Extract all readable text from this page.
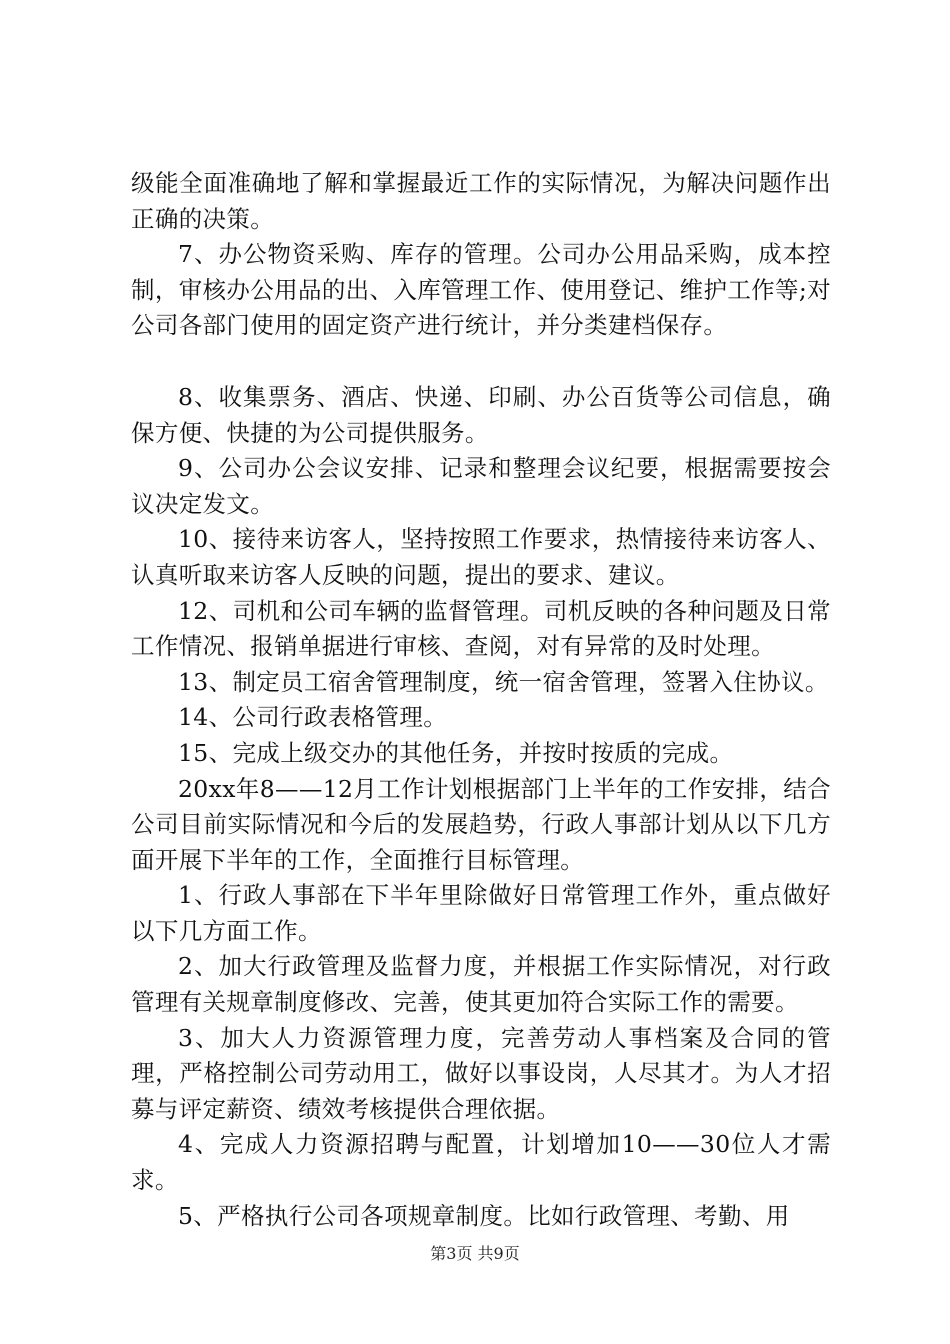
级能全面准确地了解和掌握最近工作的实际情况，为解决问题作出正确的决策。

7、办公物资采购、库存的管理。公司办公用品采购，成本控制，审核办公用品的出、入库管理工作、使用登记、维护工作等;对公司各部门使用的固定资产进行统计，并分类建档保存。

8、收集票务、酒店、快递、印刷、办公百货等公司信息，确保方便、快捷的为公司提供服务。

9、公司办公会议安排、记录和整理会议纪要，根据需要按会议决定发文。

10、接待来访客人，坚持按照工作要求，热情接待来访客人、认真听取来访客人反映的问题，提出的要求、建议。

12、司机和公司车辆的监督管理。司机反映的各种问题及日常工作情况、报销单据进行审核、查阅，对有异常的及时处理。

13、制定员工宿舍管理制度，统一宿舍管理，签署入住协议。

14、公司行政表格管理。

15、完成上级交办的其他任务，并按时按质的完成。

20xx年8——12月工作计划根据部门上半年的工作安排，结合公司目前实际情况和今后的发展趋势，行政人事部计划从以下几方面开展下半年的工作，全面推行目标管理。

1、行政人事部在下半年里除做好日常管理工作外，重点做好以下几方面工作。

2、加大行政管理及监督力度，并根据工作实际情况，对行政管理有关规章制度修改、完善，使其更加符合实际工作的需要。

3、加大人力资源管理力度，完善劳动人事档案及合同的管理，严格控制公司劳动用工，做好以事设岗，人尽其才。为人才招募与评定薪资、绩效考核提供合理依据。

4、完成人力资源招聘与配置，计划增加10——30位人才需求。

5、严格执行公司各项规章制度。比如行政管理、考勤、用

第3页 共9页
